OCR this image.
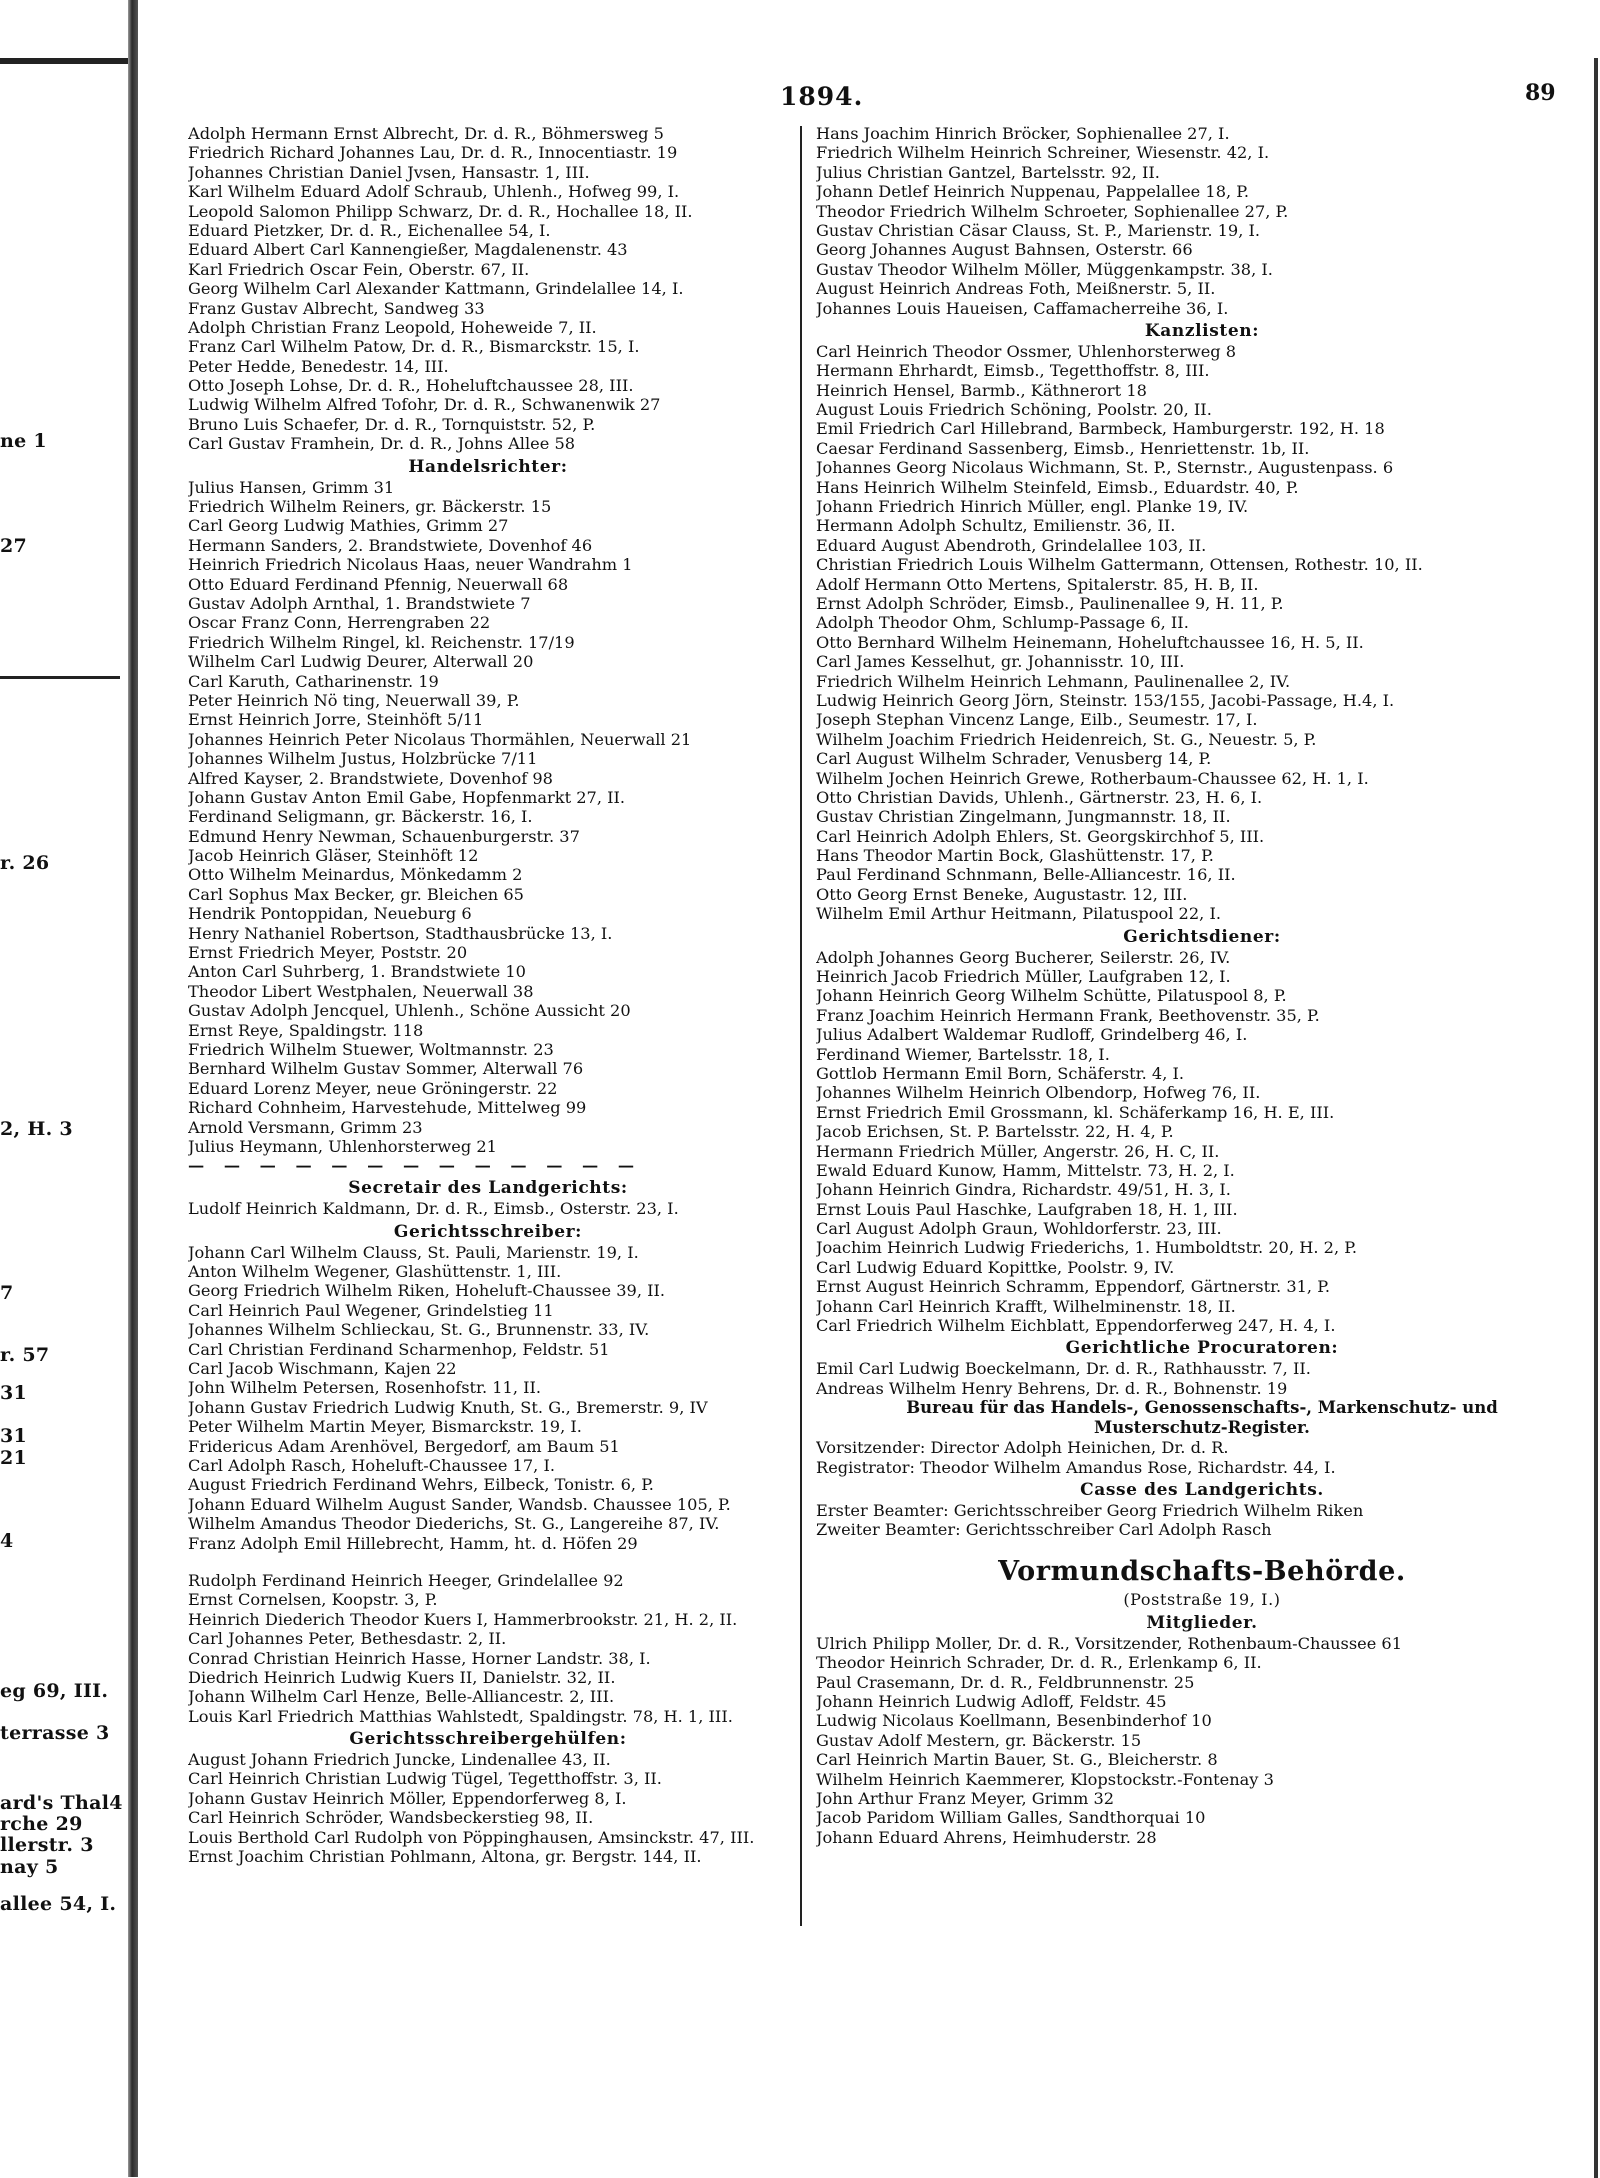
ne 1
27
r. 26
2, H. 3
7
r. 57
31
31
21
4
eg 69, III.
terrasse 3
ard's Thal4
rche 29
llerstr. 3
nay 5
allee 54, I.
1894.	89
Adolph Hermann Ernst Albrecht, Dr. d. R., Böhmersweg 5
Friedrich Richard Johannes Lau, Dr. d. R., Innocentiastr. 19
Johannes Christian Daniel Jvsen, Hansastr. 1, III.
Karl Wilhelm Eduard Adolf Schraub, Uhlenh., Hofweg 99, I.
Leopold Salomon Philipp Schwarz, Dr. d. R., Hochallee 18, II.
Eduard Pietzker, Dr. d. R., Eichenallee 54, I.
Eduard Albert Carl Kannengießer, Magdalenenstr. 43
Karl Friedrich Oscar Fein, Oberstr. 67, II.
Georg Wilhelm Carl Alexander Kattmann, Grindelallee 14, I.
Franz Gustav Albrecht, Sandweg 33
Adolph Christian Franz Leopold, Hoheweide 7, II.
Franz Carl Wilhelm Patow, Dr. d. R., Bismarckstr. 15, I.
Peter Hedde, Benedestr. 14, III.
Otto Joseph Lohse, Dr. d. R., Hoheluftchaussee 28, III.
Ludwig Wilhelm Alfred Tofohr, Dr. d. R., Schwanenwik 27
Bruno Luis Schaefer, Dr. d. R., Tornquiststr. 52, P.
Carl Gustav Framhein, Dr. d. R., Johns Allee 58
Handelsrichter:
Julius Hansen, Grimm 31
Friedrich Wilhelm Reiners, gr. Bäckerstr. 15
Carl Georg Ludwig Mathies, Grimm 27
Hermann Sanders, 2. Brandstwiete, Dovenhof 46
Heinrich Friedrich Nicolaus Haas, neuer Wandrahm 1
Otto Eduard Ferdinand Pfennig, Neuerwall 68
Gustav Adolph Arnthal, 1. Brandstwiete 7
Oscar Franz Conn, Herrengraben 22
Friedrich Wilhelm Ringel, kl. Reichenstr. 17/19
Wilhelm Carl Ludwig Deurer, Alterwall 20
Carl Karuth, Catharinenstr. 19
Peter Heinrich Nö ting, Neuerwall 39, P.
Ernst Heinrich Jorre, Steinhöft 5/11
Johannes Heinrich Peter Nicolaus Thormählen, Neuerwall 21
Johannes Wilhelm Justus, Holzbrücke 7/11
Alfred Kayser, 2. Brandstwiete, Dovenhof 98
Johann Gustav Anton Emil Gabe, Hopfenmarkt 27, II.
Ferdinand Seligmann, gr. Bäckerstr. 16, I.
Edmund Henry Newman, Schauenburgerstr. 37
Jacob Heinrich Gläser, Steinhöft 12
Otto Wilhelm Meinardus, Mönkedamm 2
Carl Sophus Max Becker, gr. Bleichen 65
Hendrik Pontoppidan, Neueburg 6
Henry Nathaniel Robertson, Stadthausbrücke 13, I.
Ernst Friedrich Meyer, Poststr. 20
Anton Carl Suhrberg, 1. Brandstwiete 10
Theodor Libert Westphalen, Neuerwall 38
Gustav Adolph Jencquel, Uhlenh., Schöne Aussicht 20
Ernst Reye, Spaldingstr. 118
Friedrich Wilhelm Stuewer, Woltmannstr. 23
Bernhard Wilhelm Gustav Sommer, Alterwall 76
Eduard Lorenz Meyer, neue Gröningerstr. 22
Richard Cohnheim, Harvestehude, Mittelweg 99
Arnold Versmann, Grimm 23
Julius Heymann, Uhlenhorsterweg 21
— — — — — — — — — — — — —
Secretair des Landgerichts:
Ludolf Heinrich Kaldmann, Dr. d. R., Eimsb., Osterstr. 23, I.
Gerichtsschreiber:
Johann Carl Wilhelm Clauss, St. Pauli, Marienstr. 19, I.
Anton Wilhelm Wegener, Glashüttenstr. 1, III.
Georg Friedrich Wilhelm Riken, Hoheluft-Chaussee 39, II.
Carl Heinrich Paul Wegener, Grindelstieg 11
Johannes Wilhelm Schlieckau, St. G., Brunnenstr. 33, IV.
Carl Christian Ferdinand Scharmenhop, Feldstr. 51
Carl Jacob Wischmann, Kajen 22
John Wilhelm Petersen, Rosenhofstr. 11, II.
Johann Gustav Friedrich Ludwig Knuth, St. G., Bremerstr. 9, IV
Peter Wilhelm Martin Meyer, Bismarckstr. 19, I.
Fridericus Adam Arenhövel, Bergedorf, am Baum 51
Carl Adolph Rasch, Hoheluft-Chaussee 17, I.
August Friedrich Ferdinand Wehrs, Eilbeck, Tonistr. 6, P.
Johann Eduard Wilhelm August Sander, Wandsb. Chaussee 105, P.
Wilhelm Amandus Theodor Diederichs, St. G., Langereihe 87, IV.
Franz Adolph Emil Hillebrecht, Hamm, ht. d. Höfen 29
Rudolph Ferdinand Heinrich Heeger, Grindelallee 92
Ernst Cornelsen, Koopstr. 3, P.
Heinrich Diederich Theodor Kuers I, Hammerbrookstr. 21, H. 2, II.
Carl Johannes Peter, Bethesdastr. 2, II.
Conrad Christian Heinrich Hasse, Horner Landstr. 38, I.
Diedrich Heinrich Ludwig Kuers II, Danielstr. 32, II.
Johann Wilhelm Carl Henze, Belle-Alliancestr. 2, III.
Louis Karl Friedrich Matthias Wahlstedt, Spaldingstr. 78, H. 1, III.
Gerichtsschreibergehülfen:
August Johann Friedrich Juncke, Lindenallee 43, II.
Carl Heinrich Christian Ludwig Tügel, Tegetthoffstr. 3, II.
Johann Gustav Heinrich Möller, Eppendorferweg 8, I.
Carl Heinrich Schröder, Wandsbeckerstieg 98, II.
Louis Berthold Carl Rudolph von Pöppinghausen, Amsinckstr. 47, III.
Ernst Joachim Christian Pohlmann, Altona, gr. Bergstr. 144, II.
Hans Joachim Hinrich Bröcker, Sophienallee 27, I.
Friedrich Wilhelm Heinrich Schreiner, Wiesenstr. 42, I.
Julius Christian Gantzel, Bartelsstr. 92, II.
Johann Detlef Heinrich Nuppenau, Pappelallee 18, P.
Theodor Friedrich Wilhelm Schroeter, Sophienallee 27, P.
Gustav Christian Cäsar Clauss, St. P., Marienstr. 19, I.
Georg Johannes August Bahnsen, Osterstr. 66
Gustav Theodor Wilhelm Möller, Müggenkampstr. 38, I.
August Heinrich Andreas Foth, Meißnerstr. 5, II.
Johannes Louis Haueisen, Caffamacherreihe 36, I.
Kanzlisten:
Carl Heinrich Theodor Ossmer, Uhlenhorsterweg 8
Hermann Ehrhardt, Eimsb., Tegetthoffstr. 8, III.
Heinrich Hensel, Barmb., Käthnerort 18
August Louis Friedrich Schöning, Poolstr. 20, II.
Emil Friedrich Carl Hillebrand, Barmbeck, Hamburgerstr. 192, H. 18
Caesar Ferdinand Sassenberg, Eimsb., Henriettenstr. 1b, II.
Johannes Georg Nicolaus Wichmann, St. P., Sternstr., Augustenpass. 6
Hans Heinrich Wilhelm Steinfeld, Eimsb., Eduardstr. 40, P.
Johann Friedrich Hinrich Müller, engl. Planke 19, IV.
Hermann Adolph Schultz, Emilienstr. 36, II.
Eduard August Abendroth, Grindelallee 103, II.
Christian Friedrich Louis Wilhelm Gattermann, Ottensen, Rothestr. 10, II.
Adolf Hermann Otto Mertens, Spitalerstr. 85, H. B, II.
Ernst Adolph Schröder, Eimsb., Paulinenallee 9, H. 11, P.
Adolph Theodor Ohm, Schlump-Passage 6, II.
Otto Bernhard Wilhelm Heinemann, Hoheluftchaussee 16, H. 5, II.
Carl James Kesselhut, gr. Johannisstr. 10, III.
Friedrich Wilhelm Heinrich Lehmann, Paulinenallee 2, IV.
Ludwig Heinrich Georg Jörn, Steinstr. 153/155, Jacobi-Passage, H.4, I.
Joseph Stephan Vincenz Lange, Eilb., Seumestr. 17, I.
Wilhelm Joachim Friedrich Heidenreich, St. G., Neuestr. 5, P.
Carl August Wilhelm Schrader, Venusberg 14, P.
Wilhelm Jochen Heinrich Grewe, Rotherbaum-Chaussee 62, H. 1, I.
Otto Christian Davids, Uhlenh., Gärtnerstr. 23, H. 6, I.
Gustav Christian Zingelmann, Jungmannstr. 18, II.
Carl Heinrich Adolph Ehlers, St. Georgskirchhof 5, III.
Hans Theodor Martin Bock, Glashüttenstr. 17, P.
Paul Ferdinand Schnmann, Belle-Alliancestr. 16, II.
Otto Georg Ernst Beneke, Augustastr. 12, III.
Wilhelm Emil Arthur Heitmann, Pilatuspool 22, I.
Gerichtsdiener:
Adolph Johannes Georg Bucherer, Seilerstr. 26, IV.
Heinrich Jacob Friedrich Müller, Laufgraben 12, I.
Johann Heinrich Georg Wilhelm Schütte, Pilatuspool 8, P.
Franz Joachim Heinrich Hermann Frank, Beethovenstr. 35, P.
Julius Adalbert Waldemar Rudloff, Grindelberg 46, I.
Ferdinand Wiemer, Bartelsstr. 18, I.
Gottlob Hermann Emil Born, Schäferstr. 4, I.
Johannes Wilhelm Heinrich Olbendorp, Hofweg 76, II.
Ernst Friedrich Emil Grossmann, kl. Schäferkamp 16, H. E, III.
Jacob Erichsen, St. P. Bartelsstr. 22, H. 4, P.
Hermann Friedrich Müller, Angerstr. 26, H. C, II.
Ewald Eduard Kunow, Hamm, Mittelstr. 73, H. 2, I.
Johann Heinrich Gindra, Richardstr. 49/51, H. 3, I.
Ernst Louis Paul Haschke, Laufgraben 18, H. 1, III.
Carl August Adolph Graun, Wohldorferstr. 23, III.
Joachim Heinrich Ludwig Friederichs, 1. Humboldtstr. 20, H. 2, P.
Carl Ludwig Eduard Kopittke, Poolstr. 9, IV.
Ernst August Heinrich Schramm, Eppendorf, Gärtnerstr. 31, P.
Johann Carl Heinrich Krafft, Wilhelminenstr. 18, II.
Carl Friedrich Wilhelm Eichblatt, Eppendorferweg 247, H. 4, I.
Gerichtliche Procuratoren:
Emil Carl Ludwig Boeckelmann, Dr. d. R., Rathhausstr. 7, II.
Andreas Wilhelm Henry Behrens, Dr. d. R., Bohnenstr. 19
Bureau für das Handels-, Genossenschafts-, Markenschutz- und
Musterschutz-Register.
Vorsitzender: Director Adolph Heinichen, Dr. d. R.
Registrator: Theodor Wilhelm Amandus Rose, Richardstr. 44, I.
Casse des Landgerichts.
Erster Beamter: Gerichtsschreiber Georg Friedrich Wilhelm Riken
Zweiter Beamter: Gerichtsschreiber Carl Adolph Rasch
Vormundschafts-Behörde.
(Poststraße 19, I.)
Mitglieder.
Ulrich Philipp Moller, Dr. d. R., Vorsitzender, Rothenbaum-Chaussee 61
Theodor Heinrich Schrader, Dr. d. R., Erlenkamp 6, II.
Paul Crasemann, Dr. d. R., Feldbrunnenstr. 25
Johann Heinrich Ludwig Adloff, Feldstr. 45
Ludwig Nicolaus Koellmann, Besenbinderhof 10
Gustav Adolf Mestern, gr. Bäckerstr. 15
Carl Heinrich Martin Bauer, St. G., Bleicherstr. 8
Wilhelm Heinrich Kaemmerer, Klopstockstr.-Fontenay 3
John Arthur Franz Meyer, Grimm 32
Jacob Paridom William Galles, Sandthorquai 10
Johann Eduard Ahrens, Heimhuderstr. 28
